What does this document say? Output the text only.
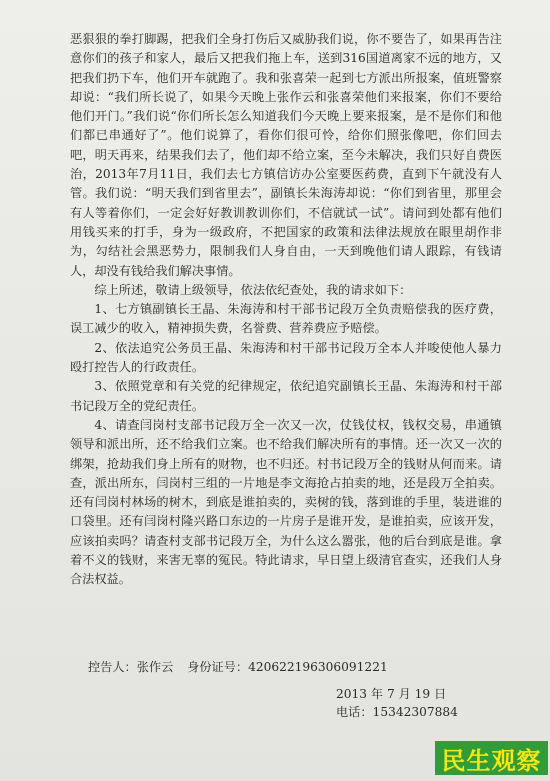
恶狠狠的拳打脚踢，把我们全身打伤后又威胁我们说，你不要告了，如果再告注意你们的孩子和家人，最后又把我们拖上车，送到316国道离家不远的地方，又把我们扔下车，他们开车就跑了。我和张喜荣一起到七方派出所报案，值班警察却说：“我们所长说了，如果今天晚上张作云和张喜荣他们来报案，你们不要给他们开门。”我们说“你们所长怎么知道我们今天晚上要来报案，是不是你们和他们都已串通好了”。他们说算了，看你们很可怜，给你们照张像吧，你们回去吧，明天再来，结果我们去了，他们却不给立案，至今未解决，我们只好自费医治，2013年7月11日，我们去七方镇信访办公室要医药费，直到下午就没有人管。我们说：“明天我们到省里去”，副镇长朱海涛却说：“你们到省里，那里会有人等着你们，一定会好好教训教训你们，不信就试一试”。请问到处都有他们用钱买来的打手，身为一级政府，不把国家的政策和法律法规放在眼里胡作非为，勾结社会黑恶势力，限制我们人身自由，一天到晚他们请人跟踪，有钱请人，却没有钱给我们解决事情。

综上所述，敬请上级领导，依法依纪查处，我的请求如下：

1、七方镇副镇长王晶、朱海涛和村干部书记段万全负责赔偿我的医疗费，误工减少的收入，精神损失费，名誉费、营养费应予赔偿。

2、依法追究公务员王晶、朱海涛和村干部书记段万全本人并唆使他人暴力殴打控告人的行政责任。

3、依照党章和有关党的纪律规定，依纪追究副镇长王晶、朱海涛和村干部书记段万全的党纪责任。

4、请查闫岗村支部书记段万全一次又一次，仗钱仗权，钱权交易，串通镇领导和派出所，还不给我们立案。也不给我们解决所有的事情。还一次又一次的绑架，抢劫我们身上所有的财物，也不归还。村书记段万全的钱财从何而来。请查，派出所东，闫岗村三组的一片地是李文海抢占拍卖的地，还是段万全拍卖。还有闫岗村林场的树木，到底是谁拍卖的，卖树的钱，落到谁的手里，装进谁的口袋里。还有闫岗村隆兴路口东边的一片房子是谁开发，是谁拍卖，应该开发，应该拍卖吗？请查村支部书记段万全，为什么这么嚣张，他的后台到底是谁。拿着不义的钱财，来害无辜的冤民。特此请求，早日望上级清官查实，还我们人身合法权益。

控告人：张作云 身份证号：420622196306091221
2013 年 7 月 19 日
电话：15342307884
民生观察
